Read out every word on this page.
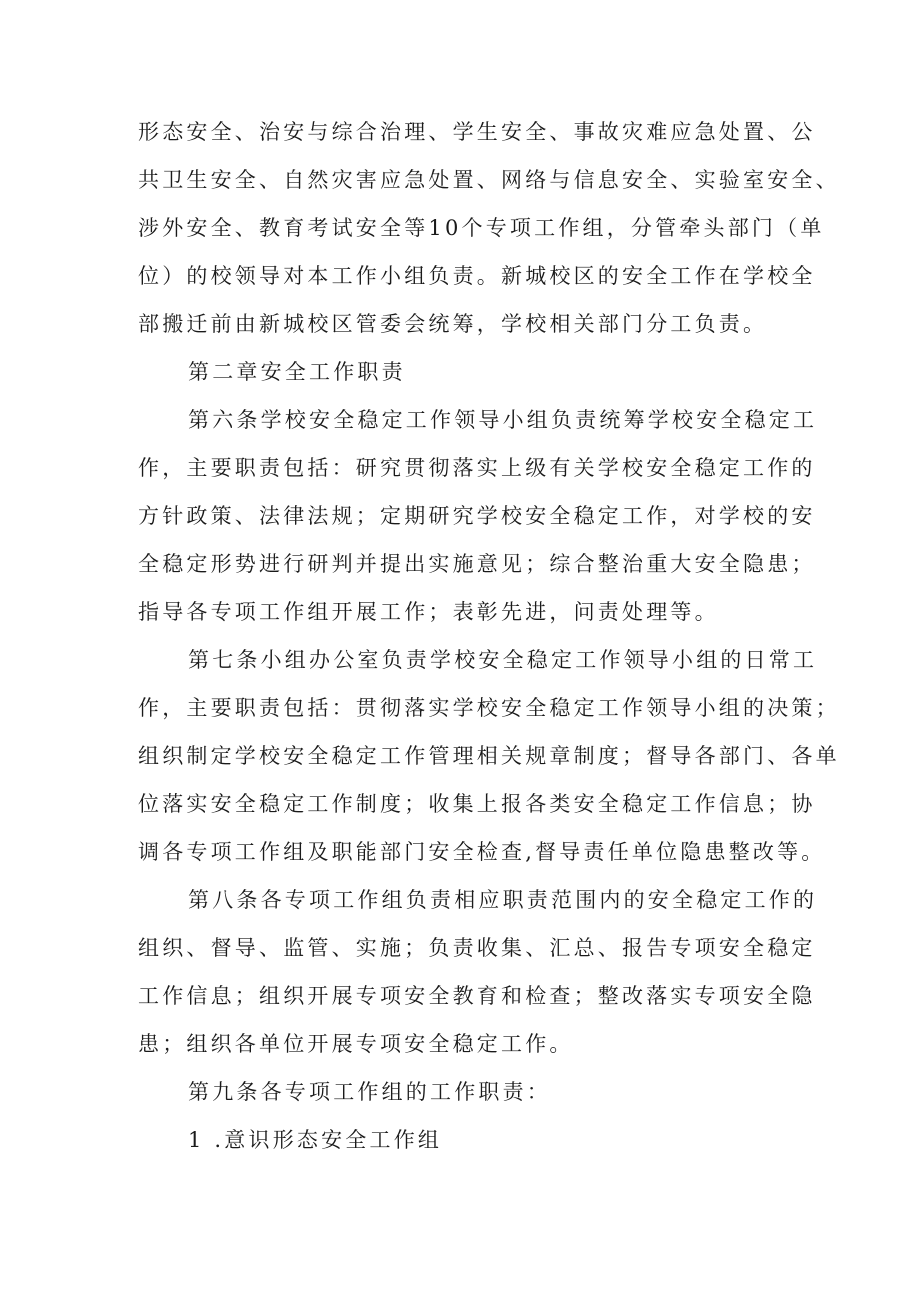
形态安全、治安与综合治理、学生安全、事故灾难应急处置、公
共卫生安全、自然灾害应急处置、网络与信息安全、实验室安全、
涉外安全、教育考试安全等10个专项工作组，分管牵头部门（单
位）的校领导对本工作小组负责。新城校区的安全工作在学校全
部搬迁前由新城校区管委会统筹，学校相关部门分工负责。
第二章安全工作职责
第六条学校安全稳定工作领导小组负责统筹学校安全稳定工
作，主要职责包括：研究贯彻落实上级有关学校安全稳定工作的
方针政策、法律法规；定期研究学校安全稳定工作，对学校的安
全稳定形势进行研判并提出实施意见；综合整治重大安全隐患；
指导各专项工作组开展工作；表彰先进，问责处理等。
第七条小组办公室负责学校安全稳定工作领导小组的日常工
作，主要职责包括：贯彻落实学校安全稳定工作领导小组的决策；
组织制定学校安全稳定工作管理相关规章制度；督导各部门、各单
位落实安全稳定工作制度；收集上报各类安全稳定工作信息；协
调各专项工作组及职能部门安全检查,督导责任单位隐患整改等。
第八条各专项工作组负责相应职责范围内的安全稳定工作的
组织、督导、监管、实施；负责收集、汇总、报告专项安全稳定
工作信息；组织开展专项安全教育和检查；整改落实专项安全隐
患；组织各单位开展专项安全稳定工作。
第九条各专项工作组的工作职责：
1 .意识形态安全工作组
